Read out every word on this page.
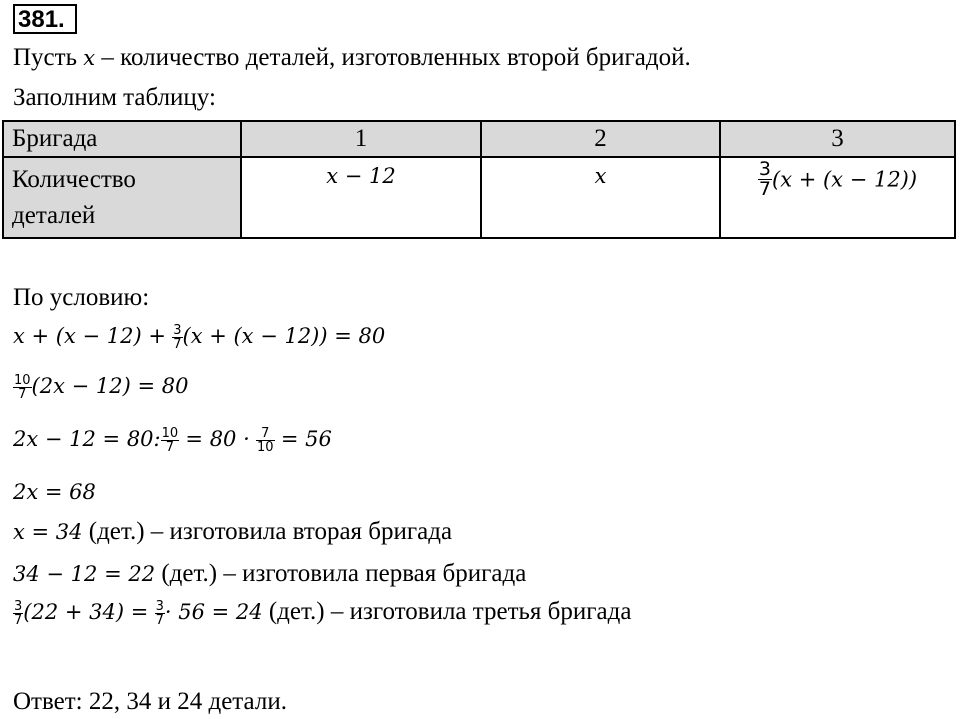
381.
Пусть x – количество деталей, изготовленных второй бригадой.
Заполним таблицу:
Бригада	1	2	3

Количество
деталей	x − 12	x	$\frac{3}{7} (x + (x - 12))$
По условию:
$x + (x - 12) + \frac{3}{7} (x + (x - 12)) = 80$
$\frac{10}{7} (2x - 12) = 80$
2x − 12 = 80: $\frac{10}{7} = 80 \cdot \frac{7}{10} = 56$
2x = 68
x = 34 (дет.) – изготовила вторая бригада
34 − 12 = 22 (дет.) – изготовила первая бригада
$\frac{3}{7} (22 + 34) = \frac{3}{7} \cdot 56 = 24$ (дет.) – изготовила третья бригада
Ответ: 22, 34 и 24 детали.
